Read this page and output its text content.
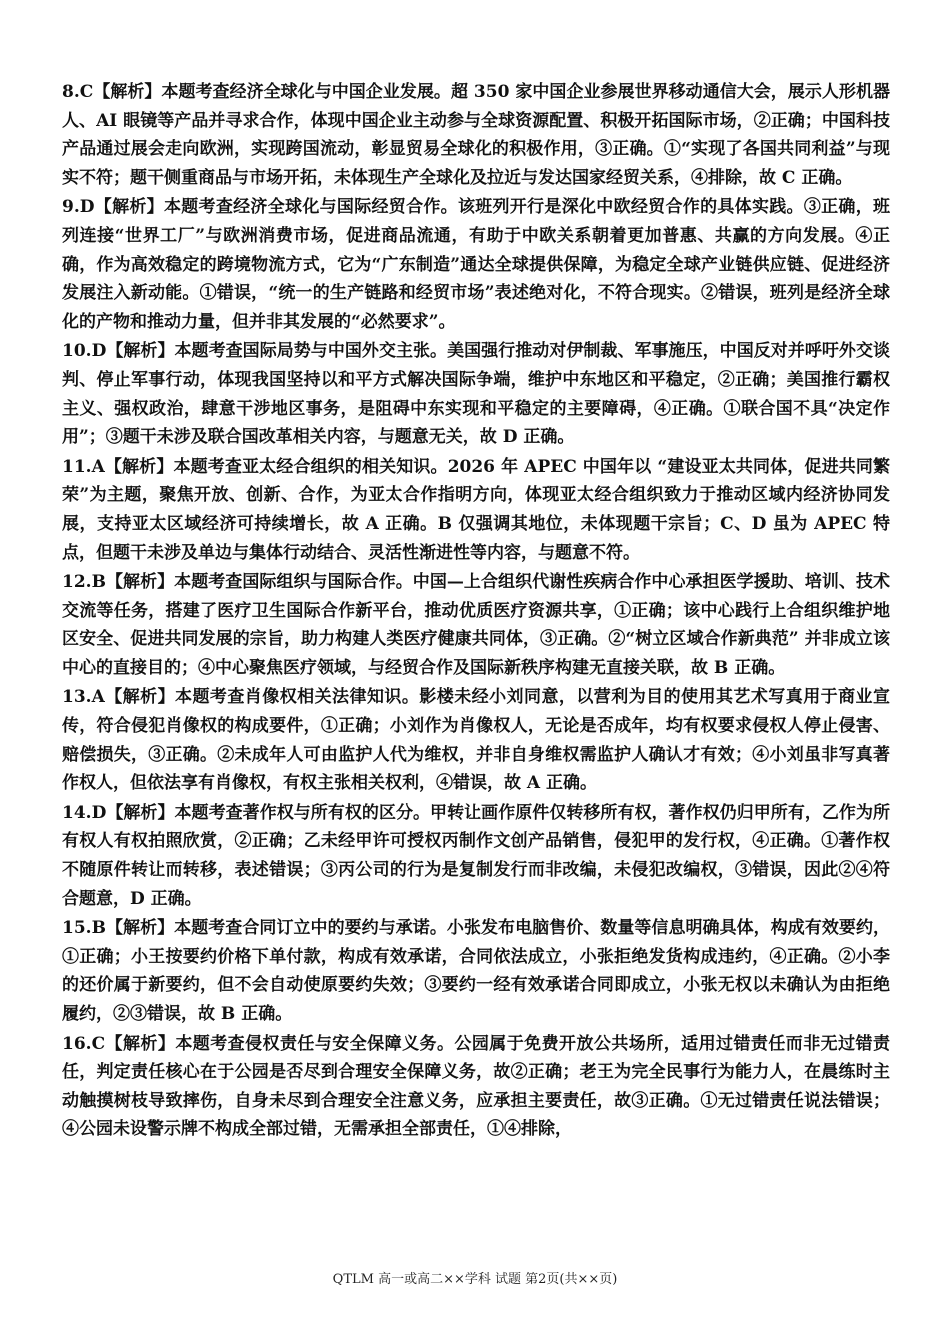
8.C【解析】本题考查经济全球化与中国企业发展。超 350 家中国企业参展世界移动通信大会，展示人形机器人、AI 眼镜等产品并寻求合作，体现中国企业主动参与全球资源配置、积极开拓国际市场，②正确；中国科技产品通过展会走向欧洲，实现跨国流动，彰显贸易全球化的积极作用，③正确。①“实现了各国共同利益”与现实不符；题干侧重商品与市场开拓，未体现生产全球化及拉近与发达国家经贸关系，④排除，故 C 正确。

9.D【解析】本题考查经济全球化与国际经贸合作。该班列开行是深化中欧经贸合作的具体实践。③正确，班列连接“世界工厂”与欧洲消费市场，促进商品流通，有助于中欧关系朝着更加普惠、共赢的方向发展。④正确，作为高效稳定的跨境物流方式，它为“广东制造”通达全球提供保障，为稳定全球产业链供应链、促进经济发展注入新动能。①错误，“统一的生产链路和经贸市场”表述绝对化，不符合现实。②错误，班列是经济全球化的产物和推动力量，但并非其发展的“必然要求”。

10.D【解析】本题考查国际局势与中国外交主张。美国强行推动对伊制裁、军事施压，中国反对并呼吁外交谈判、停止军事行动，体现我国坚持以和平方式解决国际争端，维护中东地区和平稳定，②正确；美国推行霸权主义、强权政治，肆意干涉地区事务，是阻碍中东实现和平稳定的主要障碍，④正确。①联合国不具“决定作用”；③题干未涉及联合国改革相关内容，与题意无关，故 D 正确。

11.A【解析】本题考查亚太经合组织的相关知识。2026 年 APEC 中国年以 “建设亚太共同体，促进共同繁荣”为主题，聚焦开放、创新、合作，为亚太合作指明方向，体现亚太经合组织致力于推动区域内经济协同发展，支持亚太区域经济可持续增长，故 A 正确。B 仅强调其地位，未体现题干宗旨；C、D 虽为 APEC 特点，但题干未涉及单边与集体行动结合、灵活性渐进性等内容，与题意不符。

12.B【解析】本题考查国际组织与国际合作。中国—上合组织代谢性疾病合作中心承担医学援助、培训、技术交流等任务，搭建了医疗卫生国际合作新平台，推动优质医疗资源共享，①正确；该中心践行上合组织维护地区安全、促进共同发展的宗旨，助力构建人类医疗健康共同体，③正确。②“树立区域合作新典范” 并非成立该中心的直接目的；④中心聚焦医疗领域，与经贸合作及国际新秩序构建无直接关联，故 B 正确。

13.A【解析】本题考查肖像权相关法律知识。影楼未经小刘同意，以营利为目的使用其艺术写真用于商业宣传，符合侵犯肖像权的构成要件，①正确；小刘作为肖像权人，无论是否成年，均有权要求侵权人停止侵害、赔偿损失，③正确。②未成年人可由监护人代为维权，并非自身维权需监护人确认才有效；④小刘虽非写真著作权人，但依法享有肖像权，有权主张相关权利，④错误，故 A 正确。

14.D【解析】本题考查著作权与所有权的区分。甲转让画作原件仅转移所有权，著作权仍归甲所有，乙作为所有权人有权拍照欣赏，②正确；乙未经甲许可授权丙制作文创产品销售，侵犯甲的发行权，④正确。①著作权不随原件转让而转移，表述错误；③丙公司的行为是复制发行而非改编，未侵犯改编权，③错误，因此②④符合题意，D 正确。

15.B【解析】本题考查合同订立中的要约与承诺。小张发布电脑售价、数量等信息明确具体，构成有效要约，①正确；小王按要约价格下单付款，构成有效承诺，合同依法成立，小张拒绝发货构成违约，④正确。②小李的还价属于新要约，但不会自动使原要约失效；③要约一经有效承诺合同即成立，小张无权以未确认为由拒绝履约，②③错误，故 B 正确。

16.C【解析】本题考查侵权责任与安全保障义务。公园属于免费开放公共场所，适用过错责任而非无过错责任，判定责任核心在于公园是否尽到合理安全保障义务，故②正确；老王为完全民事行为能力人，在晨练时主动触摸树枝导致摔伤，自身未尽到合理安全注意义务，应承担主要责任，故③正确。①无过错责任说法错误；④公园未设警示牌不构成全部过错，无需承担全部责任，①④排除，

QTLM 高一或高二××学科 试题 第2页(共××页)
